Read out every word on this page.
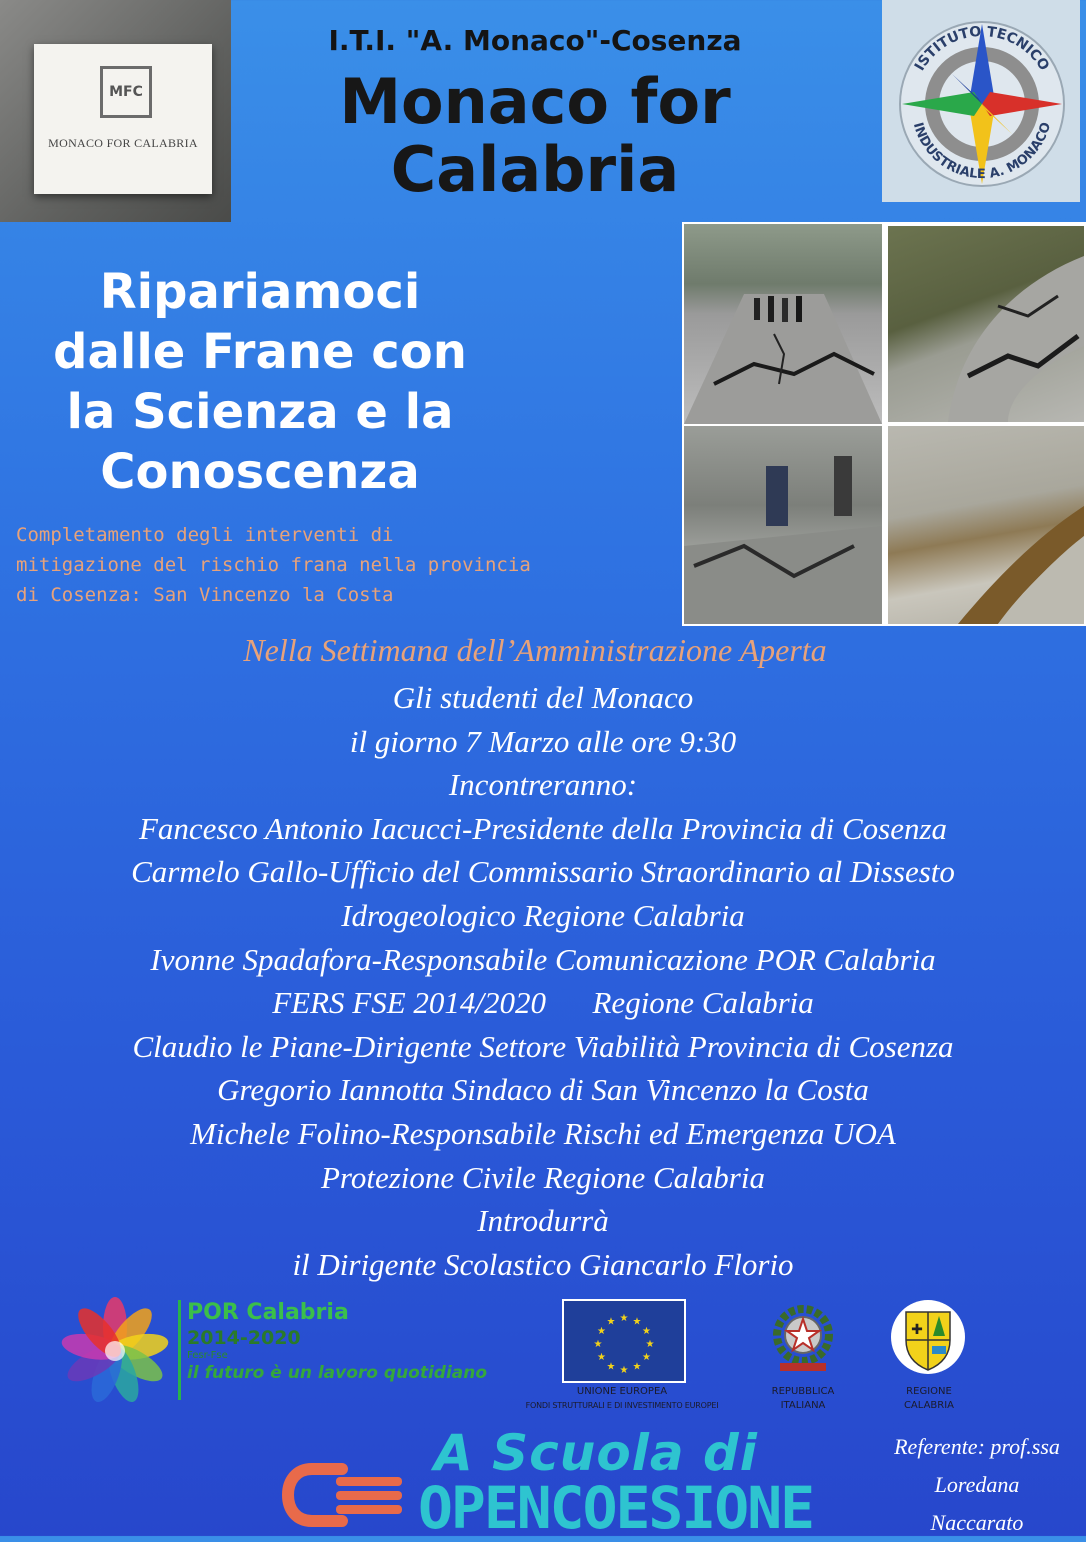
MFC
MONACO FOR CALABRIA
I.T.I. "A. Monaco"-Cosenza
Monaco for
Calabria
ISTITUTO TECNICO
INDUSTRIALE A. MONACO
Ripariamoci
dalle Frane con
la Scienza e la
Conoscenza
Completamento degli interventi di
mitigazione del rischio frana nella provincia
di Cosenza: San Vincenzo la Costa
Nella Settimana dell’Amministrazione Aperta
Gli studenti del Monaco
il giorno 7 Marzo alle ore 9:30
Incontreranno:
Fancesco Antonio Iacucci-Presidente della Provincia di Cosenza
Carmelo Gallo-Ufficio del Commissario Straordinario al Dissesto
Idrogeologico Regione Calabria
Ivonne Spadafora-Responsabile Comunicazione POR Calabria
FERS FSE 2014/2020      Regione Calabria
Claudio le Piane-Dirigente Settore Viabilità Provincia di Cosenza
Gregorio Iannotta Sindaco di San Vincenzo la Costa
Michele Folino-Responsabile Rischi ed Emergenza UOA
Protezione Civile Regione Calabria
Introdurrà
il Dirigente Scolastico Giancarlo Florio
POR Calabria
2014-2020
Fesr-Fse
il futuro è un lavoro quotidiano
★ ★
★
★
★
★
★
★
★
★
★
★
UNIONE EUROPEA
FONDI STRUTTURALI E DI INVESTIMENTO EUROPEI
REPUBBLICA
ITALIANA
✚
REGIONE
CALABRIA
A Scuola di
OPENCOESIONE
Referente: prof.ssa
Loredana
Naccarato
